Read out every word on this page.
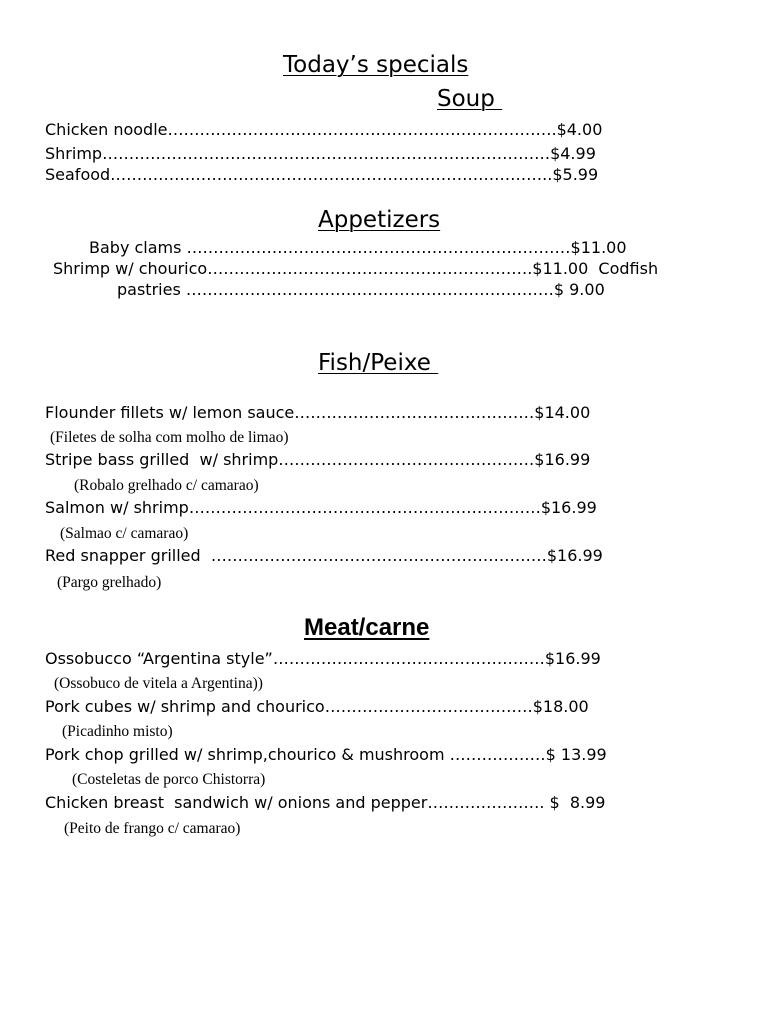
Today’s specials
Soup
Chicken noodle……………………………………………………………….$4.00
Shrimp…………………………………………………………………………$4.99
Seafood………………………………………………………………………..$5.99
Appetizers
Baby clams ………………………………………………………………$11.00
Shrimp w/ chourico…………………………………………………….$11.00  Codfish
pastries ……………………………………………………………$ 9.00
Fish/Peixe
Flounder fillets w/ lemon sauce………………………………………$14.00
(Filetes de solha com molho de limao)
Stripe bass grilled  w/ shrimp…………………………………………$16.99
(Robalo grelhado c/ camarao)
Salmon w/ shrimp…………………………………………………………$16.99
(Salmao c/ camarao)
Red snapper grilled  ………………………………………………………$16.99
(Pargo grelhado)
Meat/carne
Ossobucco “Argentina style”……………………………………………$16.99
(Ossobuco de vitela a Argentina))
Pork cubes w/ shrimp and chourico…………………………………$18.00
(Picadinho misto)
Pork chop grilled w/ shrimp,chourico & mushroom ………………$ 13.99
(Costeletas de porco Chistorra)
Chicken breast  sandwich w/ onions and pepper…………………. $  8.99
(Peito de frango c/ camarao)
